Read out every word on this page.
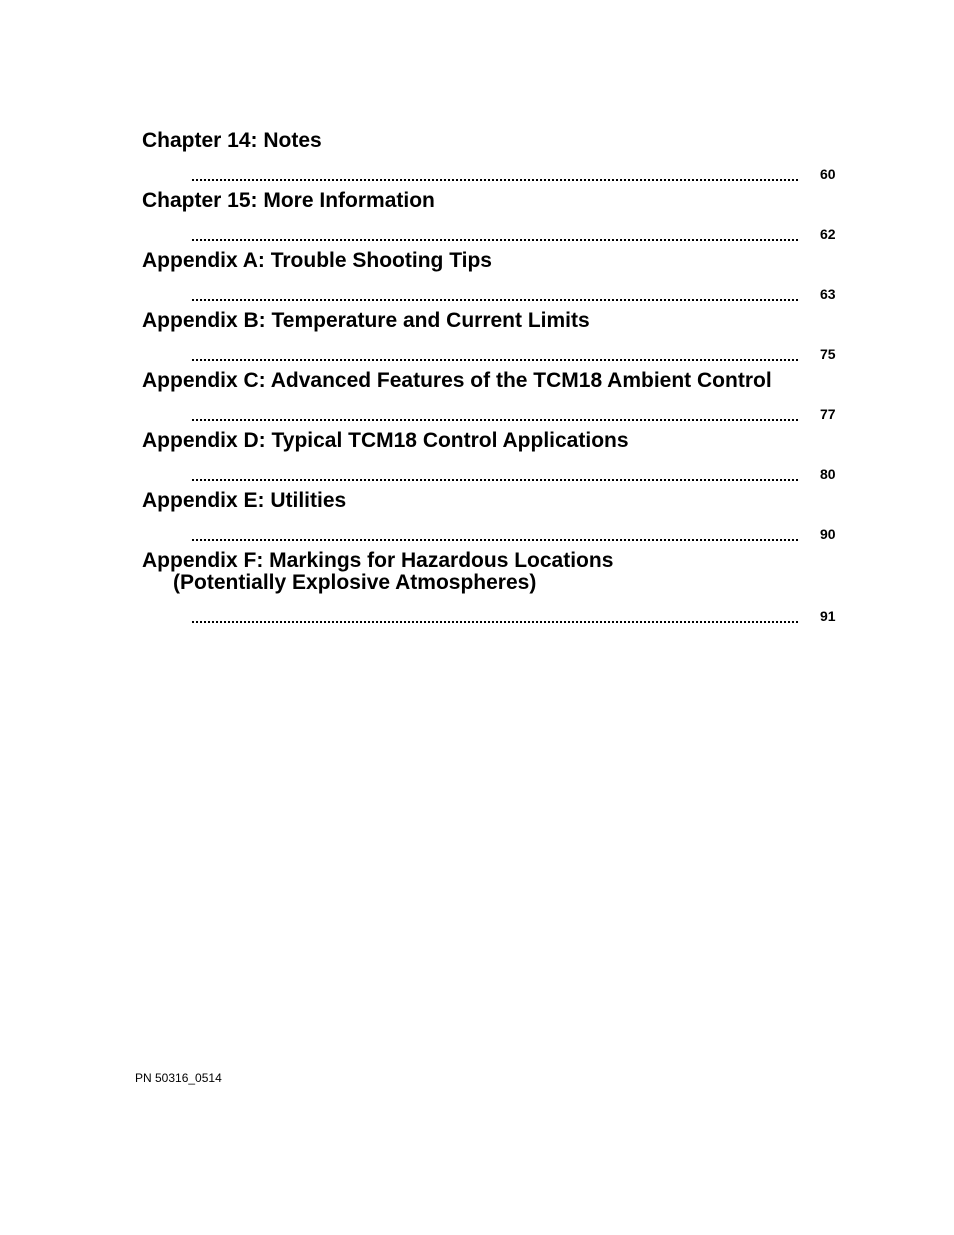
Chapter 14: Notes
60
Chapter 15: More Information
62
Appendix A: Trouble Shooting Tips
63
Appendix B: Temperature and Current Limits
75
Appendix C: Advanced Features of the TCM18 Ambient Control
77
Appendix D: Typical TCM18 Control Applications
80
Appendix E: Utilities
90
Appendix F: Markings for Hazardous Locations
(Potentially Explosive Atmospheres)
91
PN 50316_0514
